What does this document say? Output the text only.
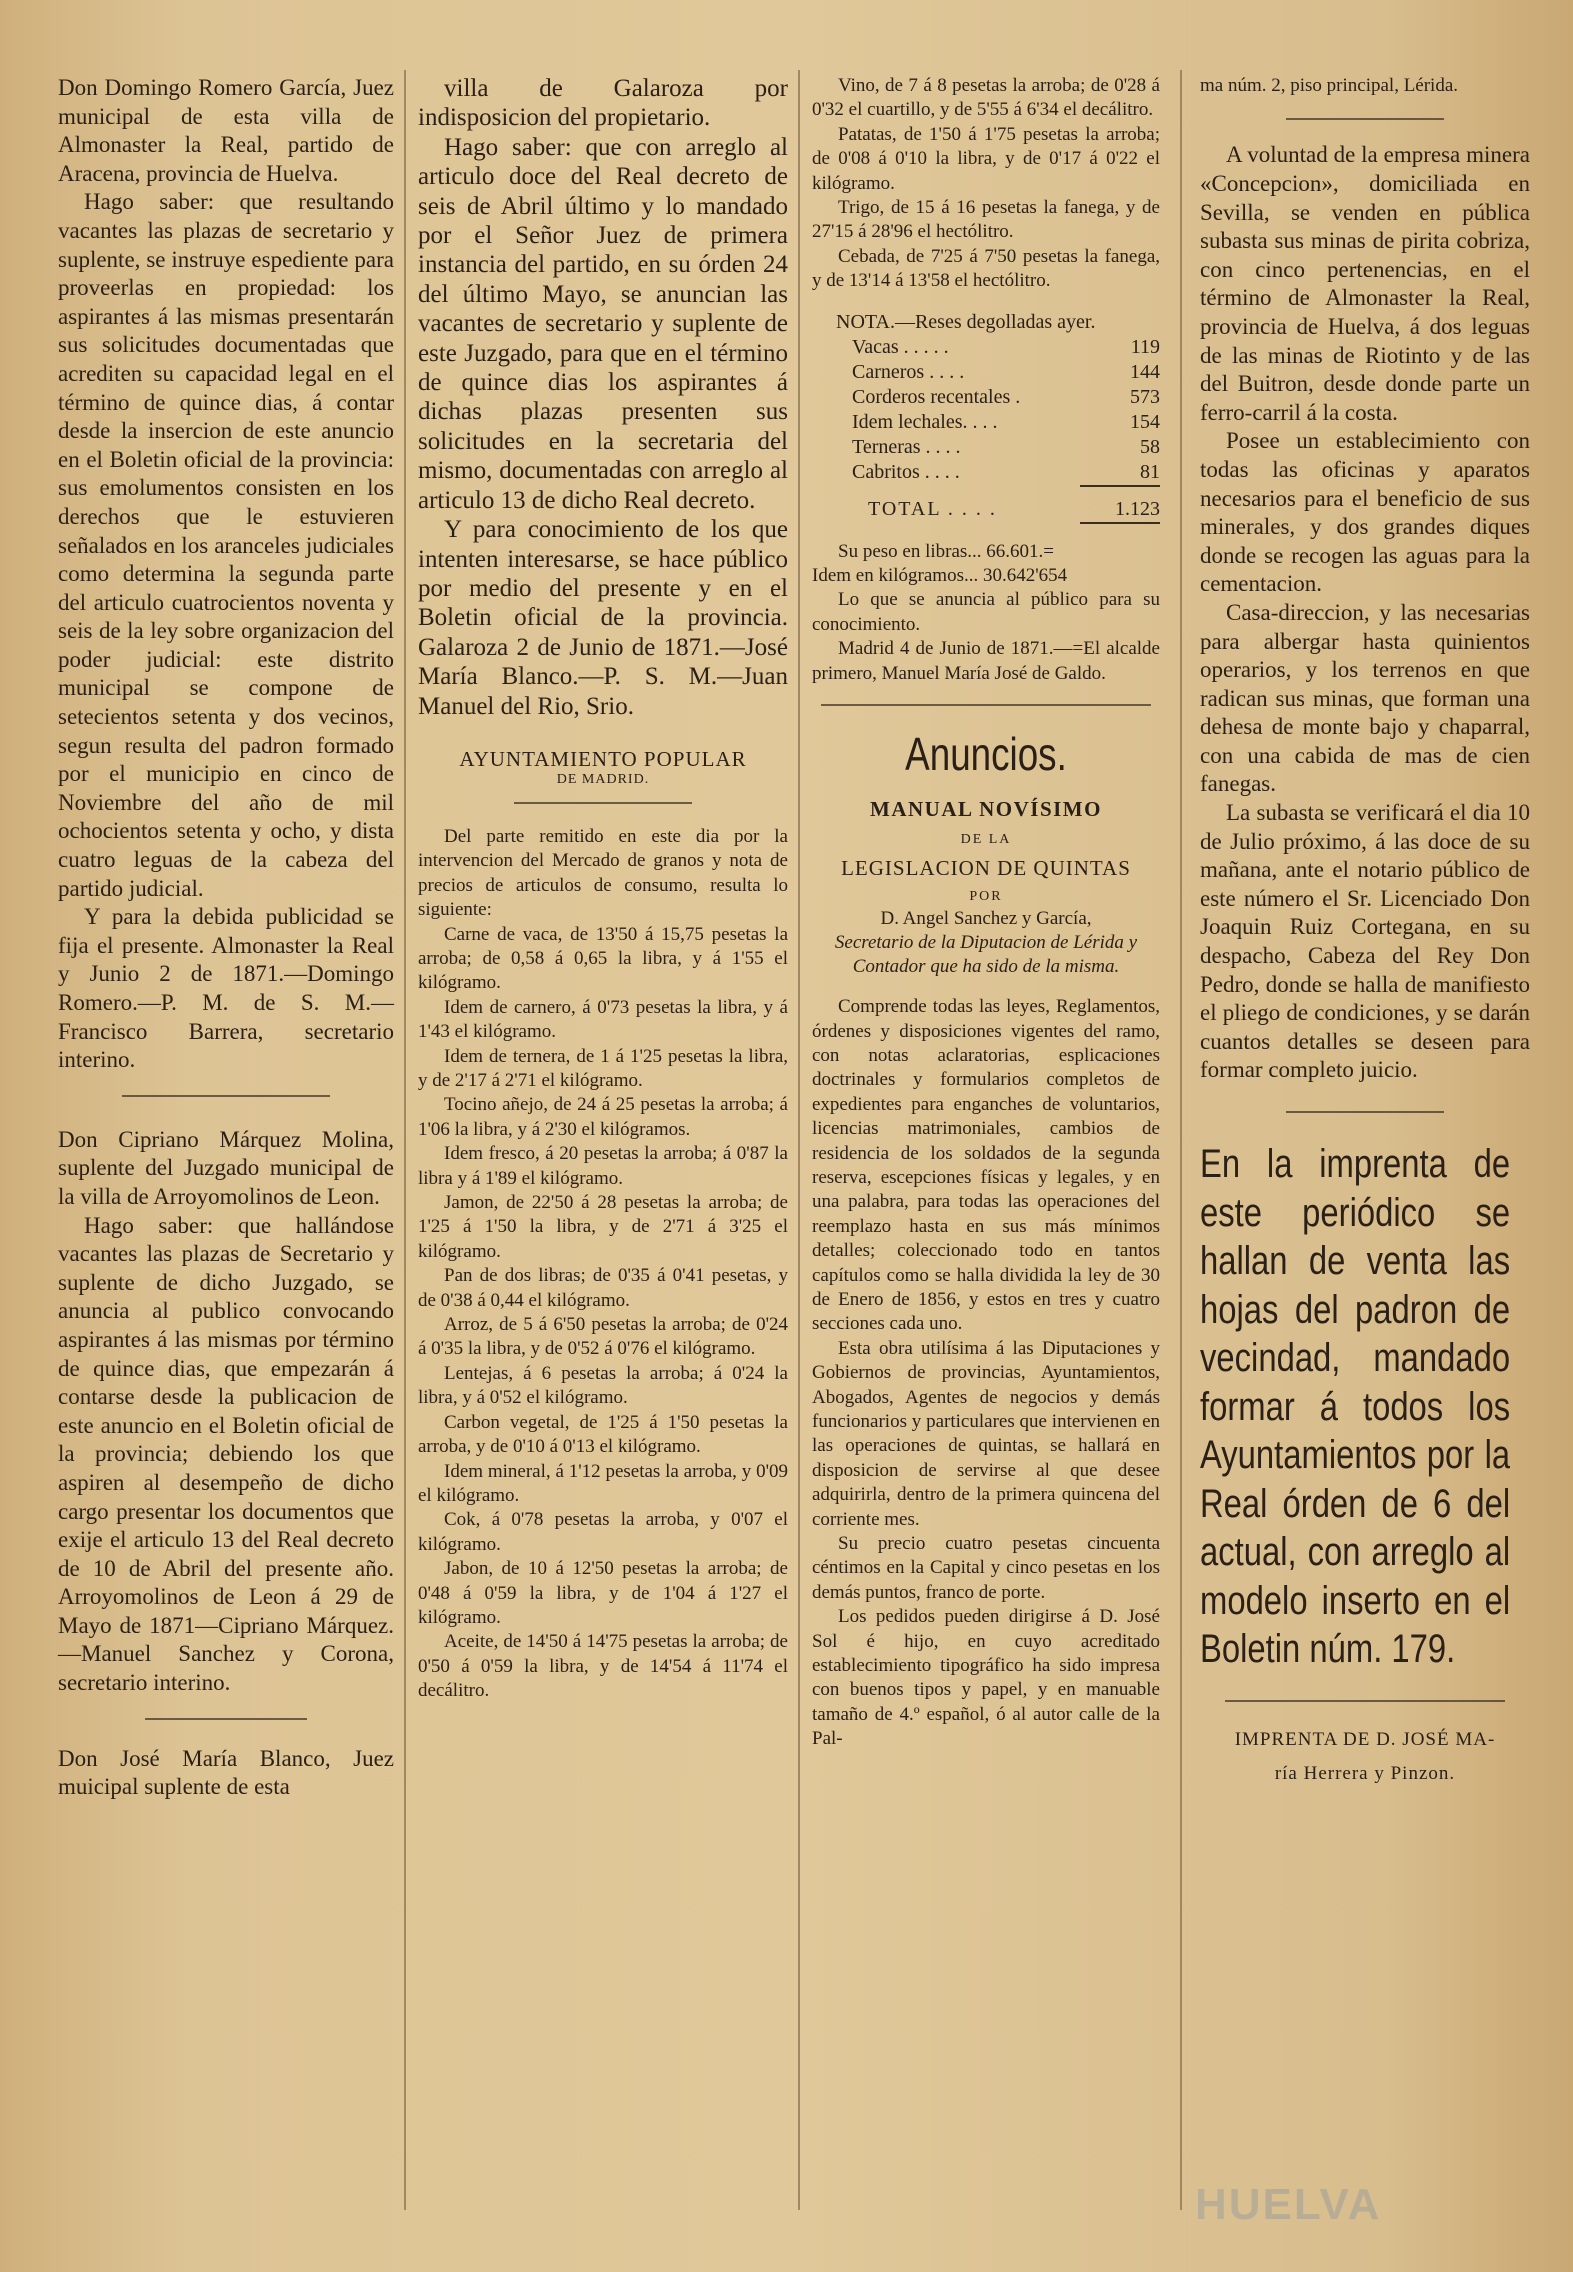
Don Domingo Romero García, Juez municipal de esta villa de Almonaster la Real, partido de Aracena, provincia de Huelva.

Hago saber: que resultando vacantes las plazas de secretario y suplente, se instruye espediente para proveerlas en propiedad: los aspirantes á las mismas presentarán sus solicitudes documentadas que acrediten su capacidad legal en el término de quince dias, á contar desde la insercion de este anuncio en el Boletin oficial de la provincia: sus emolumentos consisten en los derechos que le estuvieren señalados en los aranceles judiciales como determina la segunda parte del articulo cuatrocientos noventa y seis de la ley sobre organizacion del poder judicial: este distrito municipal se compone de setecientos setenta y dos vecinos, segun resulta del padron formado por el municipio en cinco de Noviembre del año de mil ochocientos setenta y ocho, y dista cuatro leguas de la cabeza del partido judicial.

Y para la debida publicidad se fija el presente. Almonaster la Real y Junio 2 de 1871.—Domingo Romero.—P. M. de S. M.—Francisco Barrera, secretario interino.

Don Cipriano Márquez Molina, suplente del Juzgado municipal de la villa de Arroyomolinos de Leon.

Hago saber: que hallándose vacantes las plazas de Secretario y suplente de dicho Juzgado, se anuncia al publico convocando aspirantes á las mismas por término de quince dias, que empezarán á contarse desde la publicacion de este anuncio en el Boletin oficial de la provincia; debiendo los que aspiren al desempeño de dicho cargo presentar los documentos que exije el articulo 13 del Real decreto de 10 de Abril del presente año. Arroyomolinos de Leon á 29 de Mayo de 1871—Cipriano Márquez.—Manuel Sanchez y Corona, secretario interino.

Don José María Blanco, Juez muicipal suplente de esta

villa de Galaroza por indisposicion del propietario.

Hago saber: que con arreglo al articulo doce del Real decreto de seis de Abril último y lo mandado por el Señor Juez de primera instancia del partido, en su órden 24 del último Mayo, se anuncian las vacantes de secretario y suplente de este Juzgado, para que en el término de quince dias los aspirantes á dichas plazas presenten sus solicitudes en la secretaria del mismo, documentadas con arreglo al articulo 13 de dicho Real decreto.

Y para conocimiento de los que intenten interesarse, se hace público por medio del presente y en el Boletin oficial de la provincia. Galaroza 2 de Junio de 1871.—José María Blanco.—P. S. M.—Juan Manuel del Rio, Srio.

AYUNTAMIENTO POPULAR
DE MADRID.

Del parte remitido en este dia por la intervencion del Mercado de granos y nota de precios de articulos de consumo, resulta lo siguiente:

Carne de vaca, de 13'50 á 15,75 pesetas la arroba; de 0,58 á 0,65 la libra, y á 1'55 el kilógramo.

Idem de carnero, á 0'73 pesetas la libra, y á 1'43 el kilógramo.

Idem de ternera, de 1 á 1'25 pesetas la libra, y de 2'17 á 2'71 el kilógramo.

Tocino añejo, de 24 á 25 pesetas la arroba; á 1'06 la libra, y á 2'30 el kilógramos.

Idem fresco, á 20 pesetas la arroba; á 0'87 la libra y á 1'89 el kilógramo.

Jamon, de 22'50 á 28 pesetas la arroba; de 1'25 á 1'50 la libra, y de 2'71 á 3'25 el kilógramo.

Pan de dos libras; de 0'35 á 0'41 pesetas, y de 0'38 á 0,44 el kilógramo.

Arroz, de 5 á 6'50 pesetas la arroba; de 0'24 á 0'35 la libra, y de 0'52 á 0'76 el kilógramo.

Lentejas, á 6 pesetas la arroba; á 0'24 la libra, y á 0'52 el kilógramo.

Carbon vegetal, de 1'25 á 1'50 pesetas la arroba, y de 0'10 á 0'13 el kilógramo.

Idem mineral, á 1'12 pesetas la arroba, y 0'09 el kilógramo.

Cok, á 0'78 pesetas la arroba, y 0'07 el kilógramo.

Jabon, de 10 á 12'50 pesetas la arroba; de 0'48 á 0'59 la libra, y de 1'04 á 1'27 el kilógramo.

Aceite, de 14'50 á 14'75 pesetas la arroba; de 0'50 á 0'59 la libra, y de 14'54 á 11'74 el decálitro.

Vino, de 7 á 8 pesetas la arroba; de 0'28 á 0'32 el cuartillo, y de 5'55 á 6'34 el decálitro.

Patatas, de 1'50 á 1'75 pesetas la arroba; de 0'08 á 0'10 la libra, y de 0'17 á 0'22 el kilógramo.

Trigo, de 15 á 16 pesetas la fanega, y de 27'15 á 28'96 el hectólitro.

Cebada, de 7'25 á 7'50 pesetas la fanega, y de 13'14 á 13'58 el hectólitro.

NOTA.—Reses degolladas ayer.	
Vacas . . . . .	119
Carneros . . . .	144
Corderos recentales .	573
Idem lechales. . . .	154
Terneras . . . .	58
Cabritos . . . .	81
TOTAL . . . .	1.123

Su peso en libras... 66.601.=

Idem en kilógramos... 30.642'654

Lo que se anuncia al público para su conocimiento.

Madrid 4 de Junio de 1871.—=El alcalde primero, Manuel María José de Galdo.

Anuncios.
MANUAL NOVÍSIMO
DE LA
LEGISLACION DE QUINTAS
POR
D. Angel Sanchez y García,
Secretario de la Diputacion de Lérida y Contador que ha sido de la misma.

Comprende todas las leyes, Reglamentos, órdenes y disposiciones vigentes del ramo, con notas aclaratorias, esplicaciones doctrinales y formularios completos de expedientes para enganches de voluntarios, licencias matrimoniales, cambios de residencia de los soldados de la segunda reserva, escepciones físicas y legales, y en una palabra, para todas las operaciones del reemplazo hasta en sus más mínimos detalles; coleccionado todo en tantos capítulos como se halla dividida la ley de 30 de Enero de 1856, y estos en tres y cuatro secciones cada uno.

Esta obra utilísima á las Diputaciones y Gobiernos de provincias, Ayuntamientos, Abogados, Agentes de negocios y demás funcionarios y particulares que intervienen en las operaciones de quintas, se hallará en disposicion de servirse al que desee adquirirla, dentro de la primera quincena del corriente mes.

Su precio cuatro pesetas cincuenta céntimos en la Capital y cinco pesetas en los demás puntos, franco de porte.

Los pedidos pueden dirigirse á D. José Sol é hijo, en cuyo acreditado establecimiento tipográfico ha sido impresa con buenos tipos y papel, y en manuable tamaño de 4.º español, ó al autor calle de la Pal-

ma núm. 2, piso principal, Lérida.

A voluntad de la empresa minera «Concepcion», domiciliada en Sevilla, se venden en pública subasta sus minas de pirita cobriza, con cinco pertenencias, en el término de Almonaster la Real, provincia de Huelva, á dos leguas de las minas de Riotinto y de las del Buitron, desde donde parte un ferro-carril á la costa.

Posee un establecimiento con todas las oficinas y aparatos necesarios para el beneficio de sus minerales, y dos grandes diques donde se recogen las aguas para la cementacion.

Casa-direccion, y las necesarias para albergar hasta quinientos operarios, y los terrenos en que radican sus minas, que forman una dehesa de monte bajo y chaparral, con una cabida de mas de cien fanegas.

La subasta se verificará el dia 10 de Julio próximo, á las doce de su mañana, ante el notario público de este número el Sr. Licenciado Don Joaquin Ruiz Cortegana, en su despacho, Cabeza del Rey Don Pedro, donde se halla de manifiesto el pliego de condiciones, y se darán cuantos detalles se deseen para formar completo juicio.

En la imprenta de este periódico se hallan de venta las hojas del padron de vecindad, mandado formar á todos los Ayuntamientos por la Real órden de 6 del actual, con arreglo al modelo inserto en el Boletin núm. 179.

IMPRENTA DE D. JOSÉ MA-
ría Herrera y Pinzon.
HUELVA
